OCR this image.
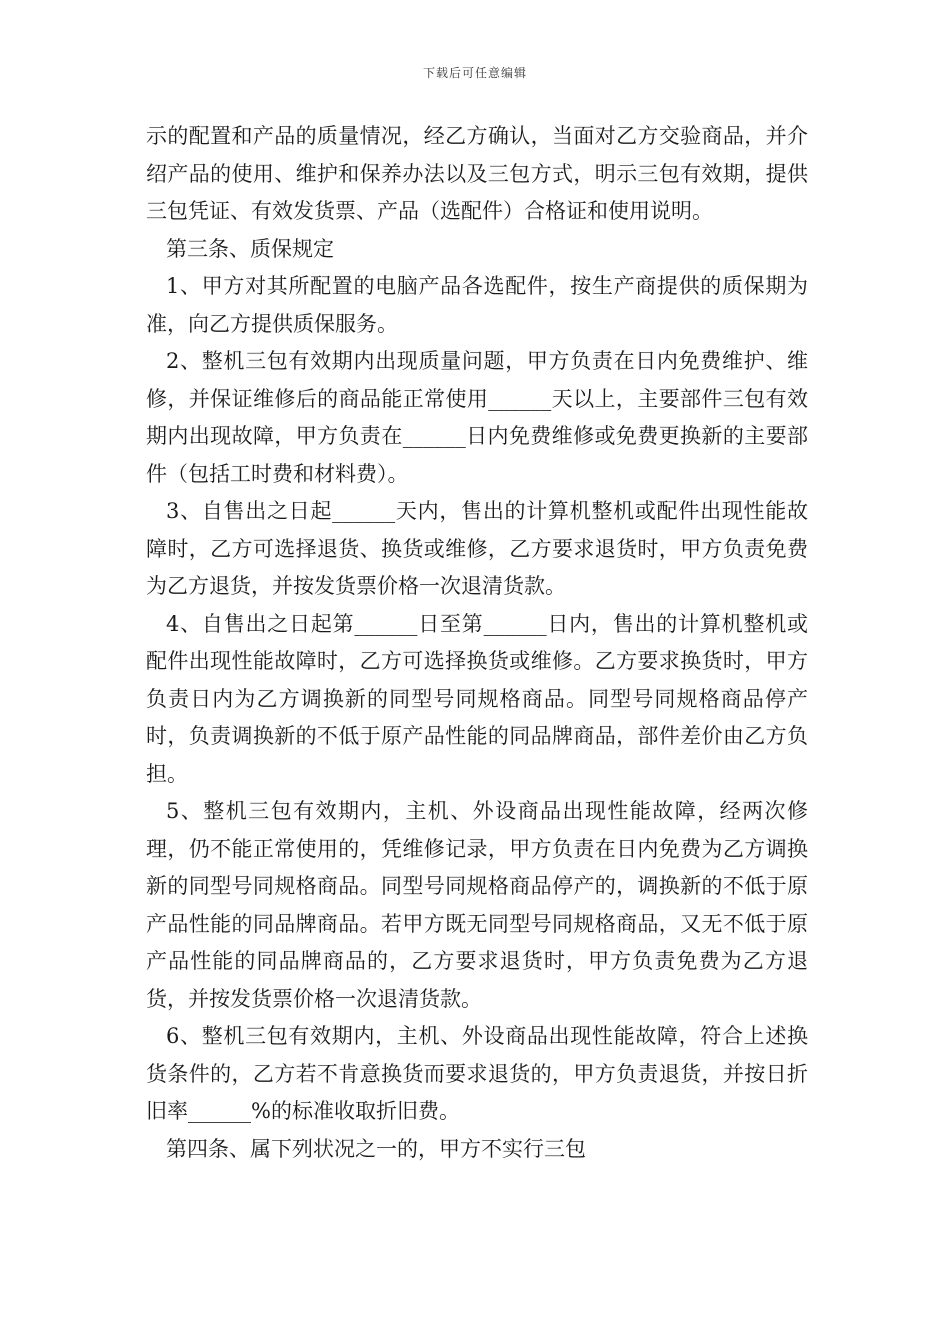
下载后可任意编辑

示的配置和产品的质量情况，经乙方确认，当面对乙方交验商品，并介绍产品的使用、维护和保养办法以及三包方式，明示三包有效期，提供三包凭证、有效发货票、产品（选配件）合格证和使用说明。

第三条、质保规定

1、甲方对其所配置的电脑产品各选配件，按生产商提供的质保期为准，向乙方提供质保服务。

2、整机三包有效期内出现质量问题，甲方负责在日内免费维护、维修，并保证维修后的商品能正常使用______天以上，主要部件三包有效期内出现故障，甲方负责在______日内免费维修或免费更换新的主要部件（包括工时费和材料费）。

3、自售出之日起______天内，售出的计算机整机或配件出现性能故障时，乙方可选择退货、换货或维修，乙方要求退货时，甲方负责免费为乙方退货，并按发货票价格一次退清货款。

4、自售出之日起第______日至第______日内，售出的计算机整机或配件出现性能故障时，乙方可选择换货或维修。乙方要求换货时，甲方负责日内为乙方调换新的同型号同规格商品。同型号同规格商品停产时，负责调换新的不低于原产品性能的同品牌商品，部件差价由乙方负担。

5、整机三包有效期内，主机、外设商品出现性能故障，经两次修理，仍不能正常使用的，凭维修记录，甲方负责在日内免费为乙方调换新的同型号同规格商品。同型号同规格商品停产的，调换新的不低于原产品性能的同品牌商品。若甲方既无同型号同规格商品，又无不低于原产品性能的同品牌商品的，乙方要求退货时，甲方负责免费为乙方退货，并按发货票价格一次退清货款。

6、整机三包有效期内，主机、外设商品出现性能故障，符合上述换货条件的，乙方若不肯意换货而要求退货的，甲方负责退货，并按日折旧率______%的标准收取折旧费。

第四条、属下列状况之一的，甲方不实行三包
